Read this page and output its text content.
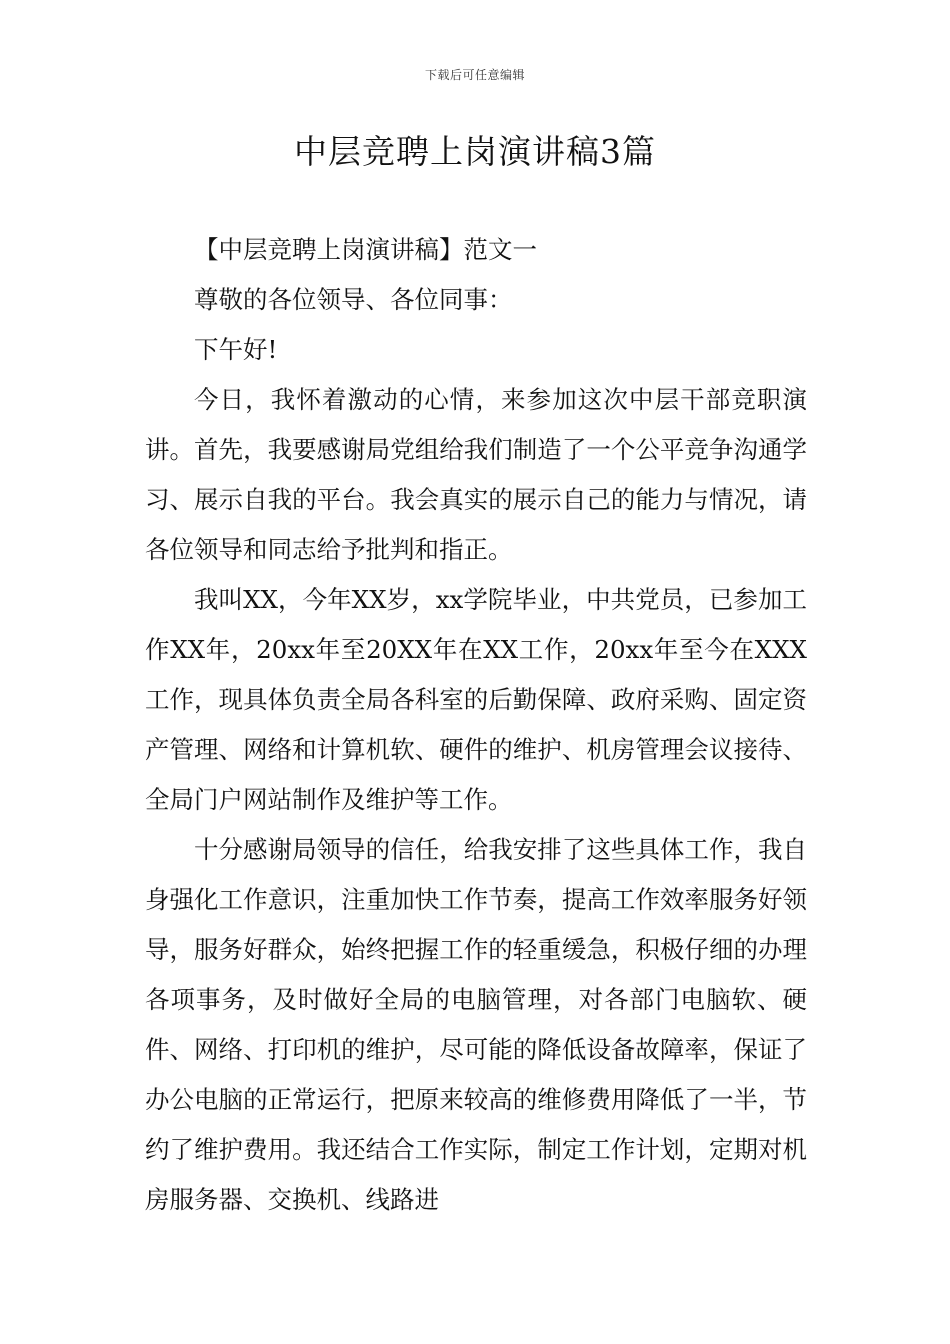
下载后可任意编辑
中层竞聘上岗演讲稿3篇

【中层竞聘上岗演讲稿】范文一

尊敬的各位领导、各位同事：

下午好!

今日，我怀着激动的心情，来参加这次中层干部竞职演讲。首先，我要感谢局党组给我们制造了一个公平竞争沟通学习、展示自我的平台。我会真实的展示自己的能力与情况，请各位领导和同志给予批判和指正。

我叫XX，今年XX岁，xx学院毕业，中共党员，已参加工作XX年，20xx年至20XX年在XX工作，20xx年至今在XXX工作，现具体负责全局各科室的后勤保障、政府采购、固定资产管理、网络和计算机软、硬件的维护、机房管理会议接待、全局门户网站制作及维护等工作。

十分感谢局领导的信任，给我安排了这些具体工作，我自身强化工作意识，注重加快工作节奏，提高工作效率服务好领导，服务好群众，始终把握工作的轻重缓急，积极仔细的办理各项事务，及时做好全局的电脑管理，对各部门电脑软、硬件、网络、打印机的维护，尽可能的降低设备故障率，保证了办公电脑的正常运行，把原来较高的维修费用降低了一半，节约了维护费用。我还结合工作实际，制定工作计划，定期对机房服务器、交换机、线路进
